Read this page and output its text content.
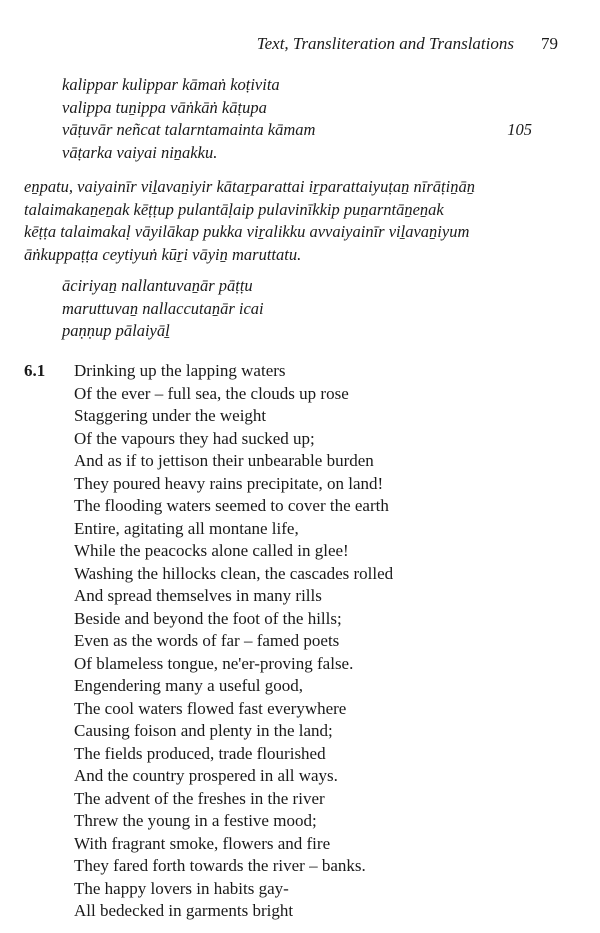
Text, Transliteration and Translations 79
kalippar kulippar kāmaṅ koṭivita
valippa tuṉippa vāṅkāṅ kāṭupa
vāṭuvār neñcat talarntamainta kāmam	105
vāṭarka vaiyai niṉakku.
eṉpatu, vaiyainīr viḻavaṉiyir kātaṟparattai iṟparattaiyuṭaṉ nīrāṭiṉāṉ
talaimakaṉeṉak kēṭṭup pulantāḷaip pulavinīkkip puṉarntāṉeṉak
kēṭṭa talaimakaḷ vāyilākap pukka viṟalikku avvaiyainīr viḻavaṉiyum
āṅkuppaṭṭa ceytiyuṅ kūṟi vāyiṉ maruttatu.
āciriyaṉ nallantuvaṉār pāṭṭu
maruttuvaṉ nallaccutaṉār icai
paṇṇup pālaiyāḻ
6.1 Drinking up the lapping waters
Of the ever – full sea, the clouds up rose
Staggering under the weight
Of the vapours they had sucked up;
And as if to jettison their unbearable burden
They poured heavy rains precipitate, on land!
The flooding waters seemed to cover the earth
Entire, agitating all montane life,
While the peacocks alone called in glee!
Washing the hillocks clean, the cascades rolled
And spread themselves in many rills
Beside and beyond the foot of the hills;
Even as the words of far – famed poets
Of blameless tongue, ne'er-proving false.
Engendering many a useful good,
The cool waters flowed fast everywhere
Causing foison and plenty in the land;
The fields produced, trade flourished
And the country prospered in all ways.
The advent of the freshes in the river
Threw the young in a festive mood;
With fragrant smoke, flowers and fire
They fared forth towards the river – banks.
The happy lovers in habits gay-
All bedecked in garments bright
